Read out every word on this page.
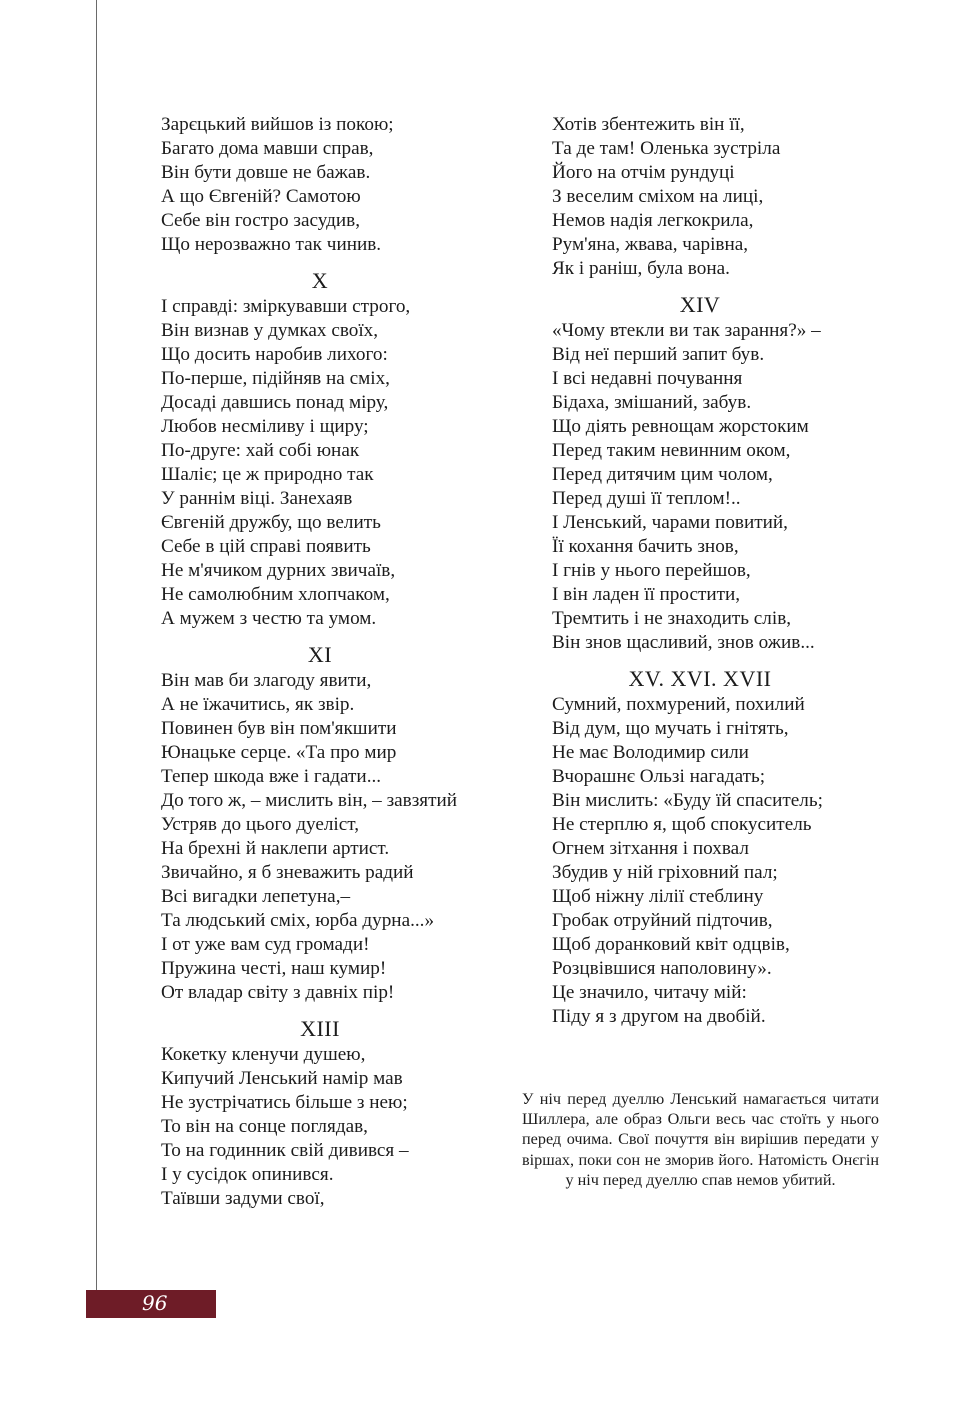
Зарєцький вийшов із покою;
Багато дома мавши справ,
Він бути довше не бажав.
А що Євгеній? Самотою
Себе він гостро засудив,
Що нерозважно так чинив.
X
І справді: зміркувавши строго,
Він визнав у думках своїх,
Що досить наробив лихого:
По-перше, підійняв на сміх,
Досаді давшись понад міру,
Любов несміливу і щиру;
По-друге: хай собі юнак
Шаліє; це ж природно так
У раннім віці. Занехаяв
Євгеній дружбу, що велить
Себе в цій справі появить
Не м'ячиком дурних звичаїв,
Не самолюбним хлопчаком,
А мужем з честю та умом.
XI
Він мав би злагоду явити,
А не їжачитись, як звір.
Повинен був він пом'якшити
Юнацьке серце. «Та про мир
Тепер шкода вже і гадати...
До того ж, – мислить він, – завзятий
Устряв до цього дуеліст,
На брехні й наклепи артист.
Звичайно, я б зневажить радий
Всі вигадки лепетуна,–
Та людський сміх, юрба дурна...»
І от уже вам суд громади!
Пружина честі, наш кумир!
От владар світу з давніх пір!
XIII
Кокетку кленучи душею,
Кипучий Ленський намір мав
Не зустрічатись більше з нею;
То він на сонце поглядав,
То на годинник свій дивився –
І у сусідок опинився.
Таївши задуми свої,
Хотів збентежить він її,
Та де там! Оленька зустріла
Його на отчім рундуці
З веселим сміхом на лиці,
Немов надія легкокрила,
Рум'яна, жвава, чарівна,
Як і раніш, була вона.
XIV
«Чому втекли ви так зарання?» –
Від неї перший запит був.
І всі недавні почування
Бідаха, змішаний, забув.
Що діять ревнощам жорстоким
Перед таким невинним оком,
Перед дитячим цим чолом,
Перед душі її теплом!..
І Ленський, чарами повитий,
Її кохання бачить знов,
І гнів у нього перейшов,
І він ладен її простити,
Тремтить і не знаходить слів,
Він знов щасливий, знов ожив...
XV. XVI. XVII
Сумний, похмурений, похилий
Від дум, що мучать і гнітять,
Не має Володимир сили
Вчорашнє Ользі нагадать;
Він мислить: «Буду їй спаситель;
Не стерплю я, щоб спокуситель
Огнем зітхання і похвал
Збудив у ній гріховний пал;
Щоб ніжну лілії стеблину
Гробак отруйний підточив,
Щоб доранковий квіт одцвів,
Розцвівшися наполовину».
Це значило, читачу мій:
Піду я з другом на двобій.
У ніч перед дуеллю Ленський намагається читати Шиллера, але образ Ольги весь час стоїть у нього перед очима. Свої почуття він вирішив передати у віршах, поки сон не зморив його. Натомість Онєгін у ніч перед дуеллю спав немов убитий.
96
